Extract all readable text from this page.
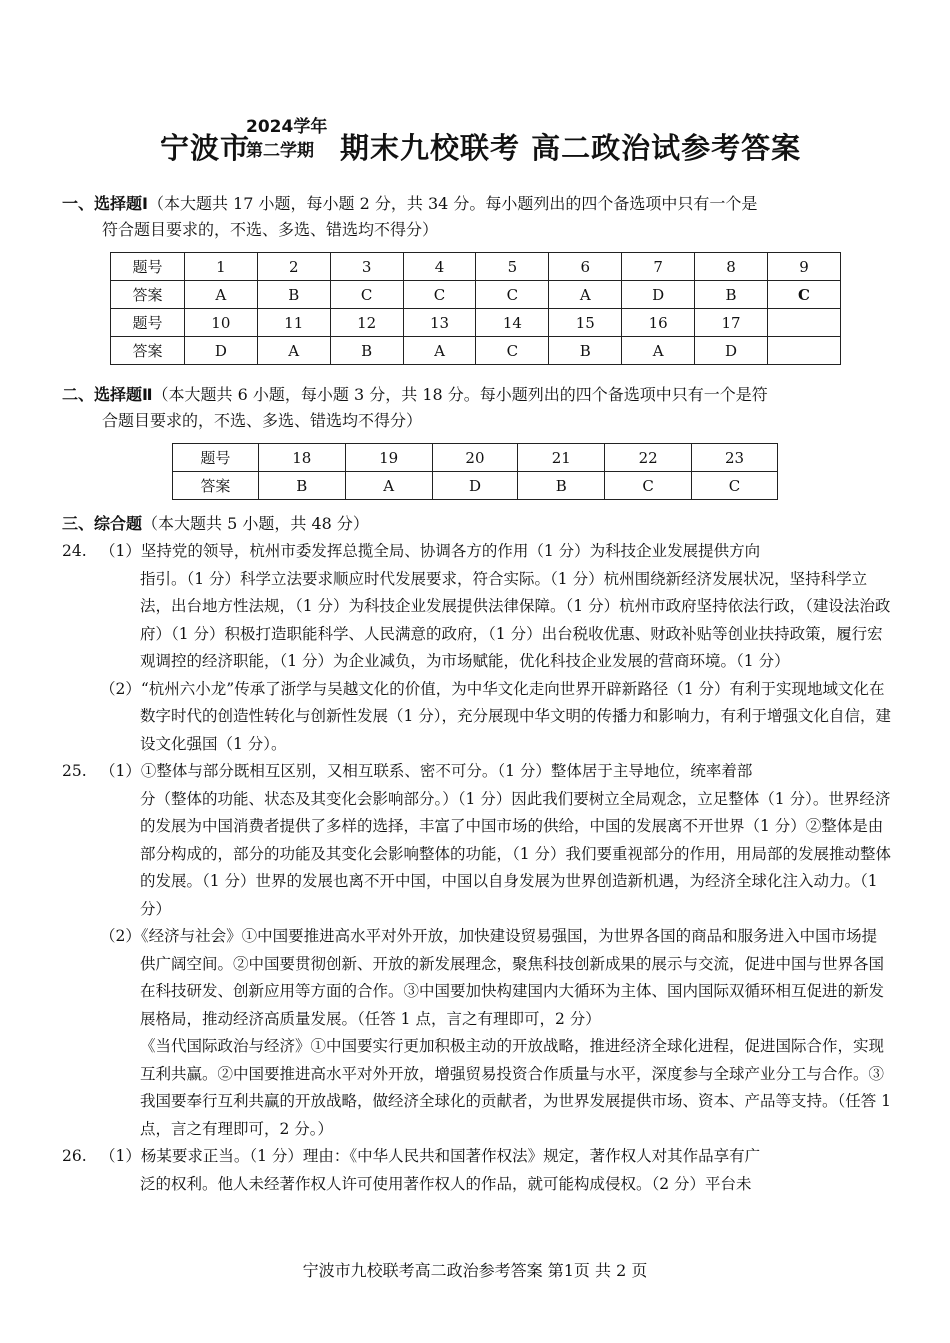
宁波市
2024学年
第二学期 期末九校联考 高二政治试参考答案
一、选择题Ⅰ（本大题共 17 小题，每小题 2 分，共 34 分。每小题列出的四个备选项中只有一个是
符合题目要求的，不选、多选、错选均不得分）
题号	1	2	3	4	5	6	7	8	9
答案	A	B	C	C	C	A	D	B	C
题号	10	11	12	13	14	15	16	17	
答案	D	A	B	A	C	B	A	D	
二、选择题Ⅱ（本大题共 6 小题，每小题 3 分，共 18 分。每小题列出的四个备选项中只有一个是符
合题目要求的，不选、多选、错选均不得分）
题号	18	19	20	21	22	23
答案	B	A	D	B	C	C
三、综合题（本大题共 5 小题，共 48 分）
24. （1）坚持党的领导，杭州市委发挥总揽全局、协调各方的作用（1 分）为科技企业发展提供方向
指引。（1 分）科学立法要求顺应时代发展要求，符合实际。（1 分）杭州围绕新经济发展状况，坚持科学立法，出台地方性法规，（1 分）为科技企业发展提供法律保障。（1 分）杭州市政府坚持依法行政，（建设法治政府）（1 分）积极打造职能科学、人民满意的政府，（1 分）出台税收优惠、财政补贴等创业扶持政策，履行宏观调控的经济职能，（1 分）为企业减负，为市场赋能，优化科技企业发展的营商环境。（1 分）
（2）“杭州六小龙”传承了浙学与吴越文化的价值，为中华文化走向世界开辟新路径（1 分）有利于实现地域文化在数字时代的创造性转化与创新性发展（1 分），充分展现中华文明的传播力和影响力，有利于增强文化自信，建设文化强国（1 分）。
25. （1）①整体与部分既相互区别，又相互联系、密不可分。（1 分）整体居于主导地位，统率着部
分（整体的功能、状态及其变化会影响部分。）（1 分）因此我们要树立全局观念，立足整体（1 分）。世界经济的发展为中国消费者提供了多样的选择，丰富了中国市场的供给，中国的发展离不开世界（1 分）②整体是由部分构成的，部分的功能及其变化会影响整体的功能，（1 分）我们要重视部分的作用，用局部的发展推动整体的发展。（1 分）世界的发展也离不开中国，中国以自身发展为世界创造新机遇，为经济全球化注入动力。（1 分）
（2）《经济与社会》①中国要推进高水平对外开放，加快建设贸易强国，为世界各国的商品和服务进入中国市场提供广阔空间。②中国要贯彻创新、开放的新发展理念，聚焦科技创新成果的展示与交流，促进中国与世界各国在科技研发、创新应用等方面的合作。③中国要加快构建国内大循环为主体、国内国际双循环相互促进的新发展格局，推动经济高质量发展。（任答 1 点，言之有理即可，2 分）
《当代国际政治与经济》①中国要实行更加积极主动的开放战略，推进经济全球化进程，促进国际合作，实现互利共赢。②中国要推进高水平对外开放，增强贸易投资合作质量与水平，深度参与全球产业分工与合作。③我国要奉行互利共赢的开放战略，做经济全球化的贡献者，为世界发展提供市场、资本、产品等支持。（任答 1 点，言之有理即可，2 分。）
26. （1）杨某要求正当。（1 分）理由：《中华人民共和国著作权法》规定，著作权人对其作品享有广
泛的权利。他人未经著作权人许可使用著作权人的作品，就可能构成侵权。（2 分）平台未
宁波市九校联考高二政治参考答案 第1页 共 2 页
